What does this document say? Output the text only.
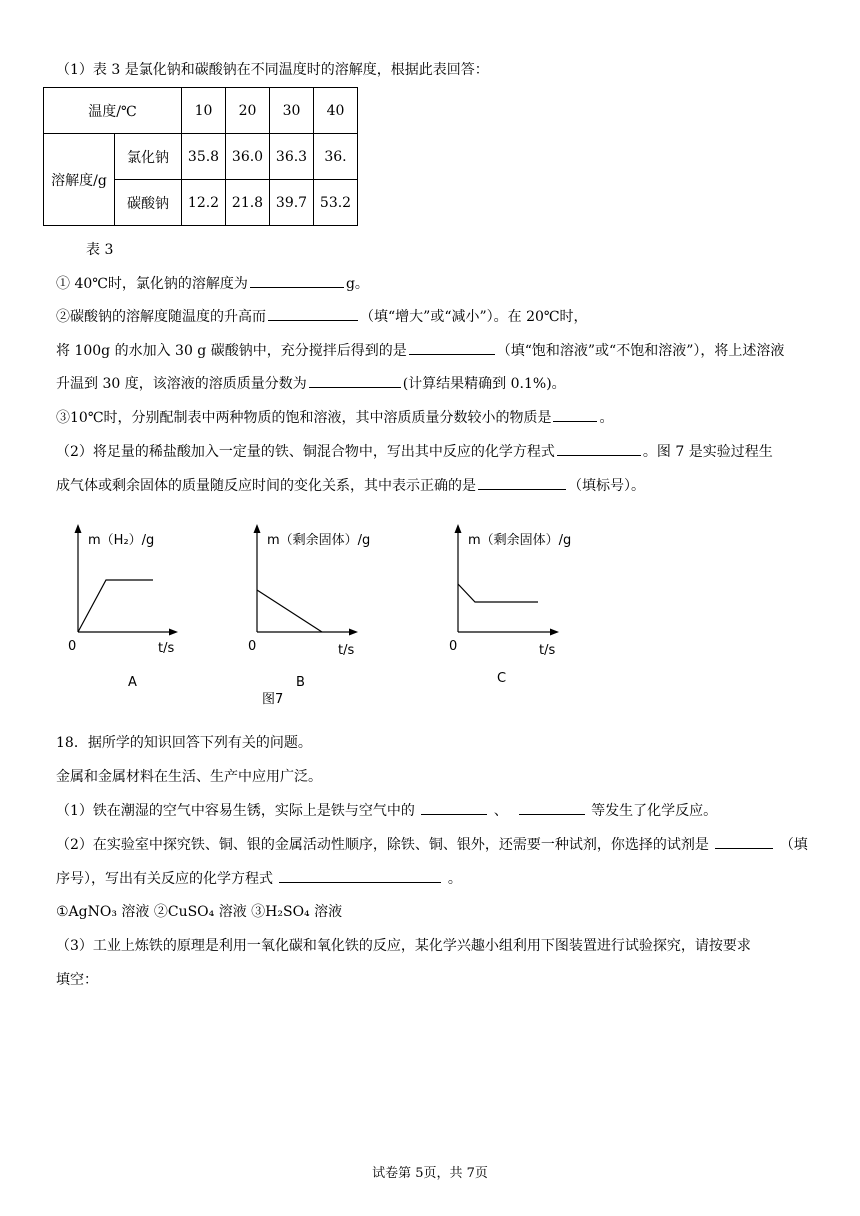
（1）表 3 是氯化钠和碳酸钠在不同温度时的溶解度，根据此表回答：
温度/℃		10	20	30	40
溶解度/g	氯化钠	35.8	36.0	36.3	36.
	碳酸钠	12.2	21.8	39.7	53.2
表 3
① 40℃时，氯化钠的溶解度为	g。
②碳酸钠的溶解度随温度的升高而	（填“增大”或“减小”）。在 20℃时，
将 100g 的水加入 30 g 碳酸钠中，充分搅拌后得到的是	（填“饱和溶液”或“不饱和溶液”），将上述溶液
升温到 30 度，该溶液的溶质质量分数为	(计算结果精确到 0.1%)。
③10℃时，分别配制表中两种物质的饱和溶液，其中溶质质量分数较小的物质是	。
（2）将足量的稀盐酸加入一定量的铁、铜混合物中，写出其中反应的化学方程式	。图 7 是实验过程生
成气体或剩余固体的质量随反应时间的变化关系，其中表示正确的是	（填标号）。
m（H₂）/g
t/s
0
A
m（剩余固体）/g
t/s
0
B
m（剩余固体）/g
t/s
0
C
图7
18．据所学的知识回答下列有关的问题。
金属和金属材料在生活、生产中应用广泛。
（1）铁在潮湿的空气中容易生锈，实际上是铁与空气中的	、	等发生了化学反应。
（2）在实验室中探究铁、铜、银的金属活动性顺序，除铁、铜、银外，还需要一种试剂，你选择的试剂是	（填
序号），写出有关反应的化学方程式	。
①AgNO₃ 溶液 ②CuSO₄ 溶液 ③H₂SO₄ 溶液
（3）工业上炼铁的原理是利用一氧化碳和氧化铁的反应，某化学兴趣小组利用下图装置进行试验探究，请按要求
填空：
试卷第 5页，共 7页
